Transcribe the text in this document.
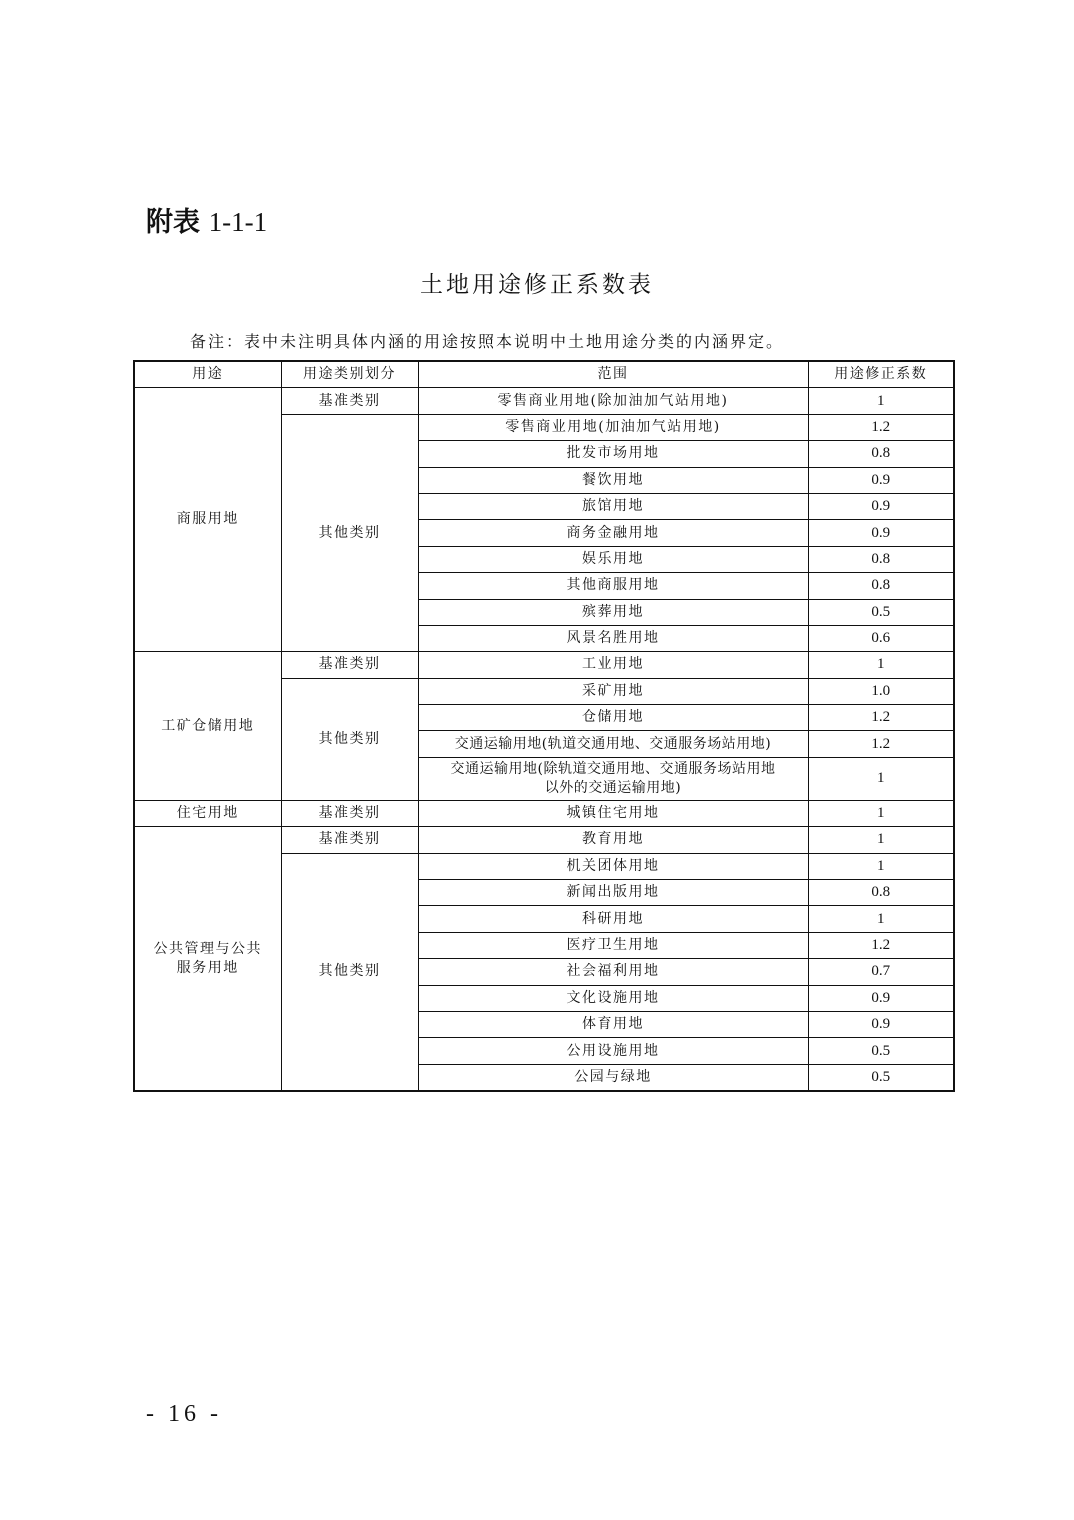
附表 1-1-1
土地用途修正系数表
备注：表中未注明具体内涵的用途按照本说明中土地用途分类的内涵界定。
用途	用途类别划分	范围	用途修正系数
商服用地	基准类别	零售商业用地(除加油加气站用地)	1
	其他类别	零售商业用地(加油加气站用地)	1.2
		批发市场用地	0.8
		餐饮用地	0.9
		旅馆用地	0.9
		商务金融用地	0.9
		娱乐用地	0.8
		其他商服用地	0.8
		殡葬用地	0.5
		风景名胜用地	0.6
工矿仓储用地	基准类别	工业用地	1
	其他类别	采矿用地	1.0
		仓储用地	1.2
		交通运输用地(轨道交通用地、交通服务场站用地)	1.2

		交通运输用地(除轨道交通用地、交通服务场站用地
以外的交通运输用地)	1
住宅用地	基准类别	城镇住宅用地	1

公共管理与公共
服务用地	基准类别	教育用地	1
	其他类别	机关团体用地	1
		新闻出版用地	0.8
		科研用地	1
		医疗卫生用地	1.2
		社会福利用地	0.7
		文化设施用地	0.9
		体育用地	0.9
		公用设施用地	0.5
		公园与绿地	0.5
- 16 -
